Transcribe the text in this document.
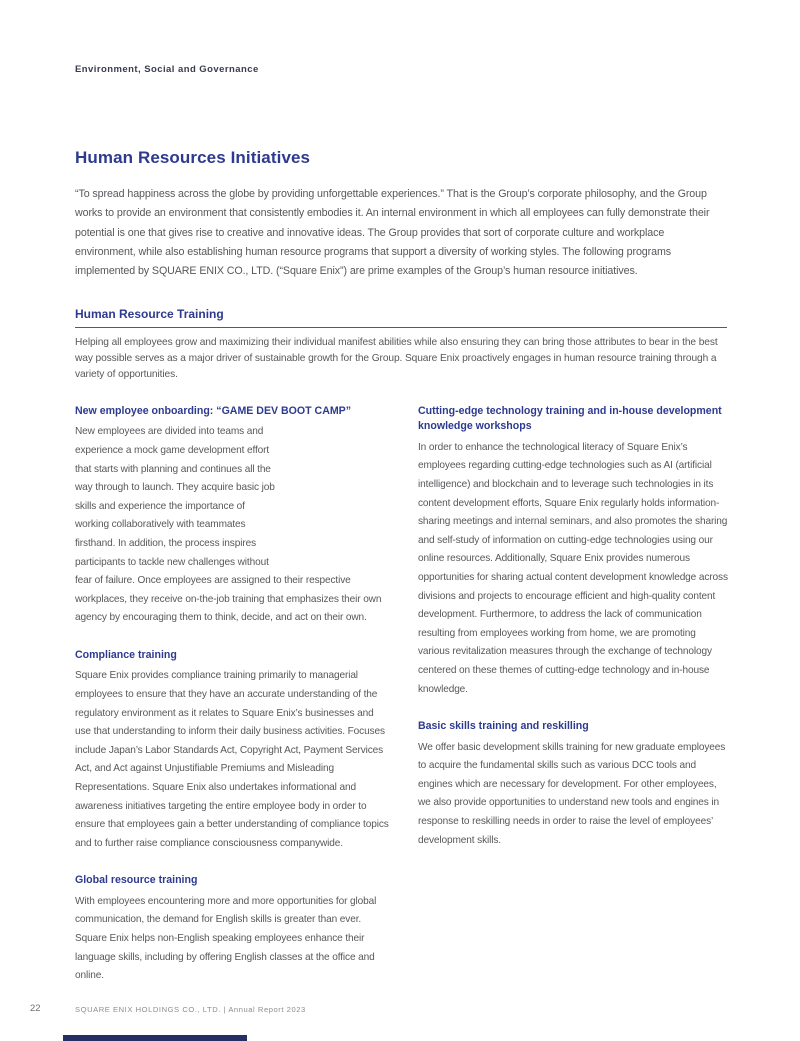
Environment, Social and Governance
Human Resources Initiatives

“To spread happiness across the globe by providing unforgettable experiences.” That is the Group’s corporate philosophy, and the Group works to provide an environment that consistently embodies it. An internal environment in which all employees can fully demonstrate their potential is one that gives rise to creative and innovative ideas. The Group provides that sort of corporate culture and workplace environment, while also establishing human resource programs that support a diversity of working styles. The following programs implemented by SQUARE ENIX CO., LTD. (“Square Enix”) are prime examples of the Group’s human resource initiatives.

Human Resource Training

Helping all employees grow and maximizing their individual manifest abilities while also ensuring they can bring those attributes to bear in the best way possible serves as a major driver of sustainable growth for the Group. Square Enix proactively engages in human resource training through a variety of opportunities.

New employee onboarding: “GAME DEV BOOT CAMP”

New employees are divided into teams and experience a mock game development effort that starts with planning and continues all the way through to launch. They acquire basic job skills and experience the importance of working collaboratively with teammates firsthand. In addition, the process inspires participants to tackle new challenges without fear of failure. Once employees are assigned to their respective workplaces, they receive on-the-job training that emphasizes their own agency by encouraging them to think, decide, and act on their own.

Compliance training

Square Enix provides compliance training primarily to managerial employees to ensure that they have an accurate understanding of the regulatory environment as it relates to Square Enix’s businesses and use that understanding to inform their daily business activities. Focuses include Japan’s Labor Standards Act, Copyright Act, Payment Services Act, and Act against Unjustifiable Premiums and Misleading Representations. Square Enix also undertakes informational and awareness initiatives targeting the entire employee body in order to ensure that employees gain a better understanding of compliance topics and to further raise compliance consciousness companywide.

Global resource training

With employees encountering more and more opportunities for global communication, the demand for English skills is greater than ever. Square Enix helps non-English speaking employees enhance their language skills, including by offering English classes at the office and online.

Cutting-edge technology training and in-house development knowledge workshops

In order to enhance the technological literacy of Square Enix’s employees regarding cutting-edge technologies such as AI (artificial intelligence) and blockchain and to leverage such technologies in its content development efforts, Square Enix regularly holds information-sharing meetings and internal seminars, and also promotes the sharing and self-study of information on cutting-edge technologies using our online resources. Additionally, Square Enix provides numerous opportunities for sharing actual content development knowledge across divisions and projects to encourage efficient and high-quality content development. Furthermore, to address the lack of communication resulting from employees working from home, we are promoting various revitalization measures through the exchange of technology centered on these themes of cutting-edge technology and in-house knowledge.

Basic skills training and reskilling

We offer basic development skills training for new graduate employees to acquire the fundamental skills such as various DCC tools and engines which are necessary for development. For other employees, we also provide opportunities to understand new tools and engines in response to reskilling needs in order to raise the level of employees’ development skills.

22	SQUARE ENIX HOLDINGS CO., LTD. | Annual Report 2023
